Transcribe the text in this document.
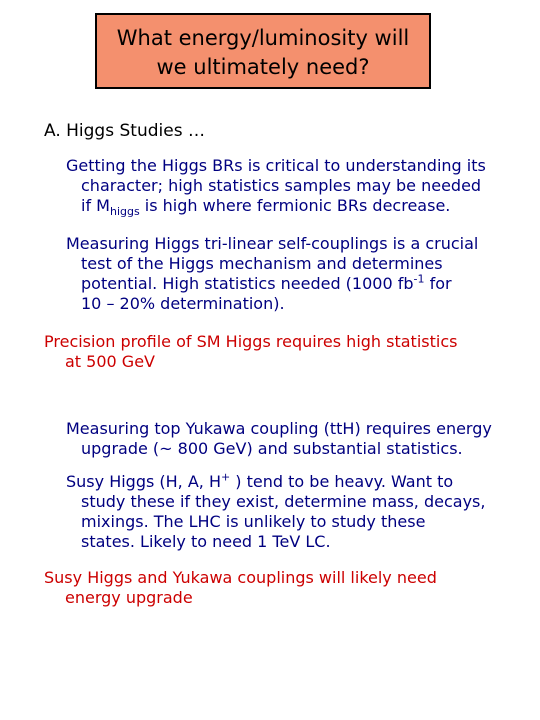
What energy/luminosity will
we ultimately need?
A. Higgs Studies …
Getting the Higgs BRs is critical to understanding its
character; high statistics samples may be needed
if $M_{higgs}$ is high where fermionic BRs decrease.
Measuring Higgs tri-linear self-couplings is a crucial
test of the Higgs mechanism and determines
potential. High statistics needed (1000 $fb^{-1}$ for
10 – 20% determination).
Precision profile of SM Higgs requires high statistics
at 500 GeV
Measuring top Yukawa coupling (ttH) requires energy
upgrade (~ 800 GeV) and substantial statistics.
Susy Higgs (H, A, H+ ) tend to be heavy. Want to
study these if they exist, determine mass, decays,
mixings. The LHC is unlikely to study these
states. Likely to need 1 TeV LC.
Susy Higgs and Yukawa couplings will likely need
energy upgrade
